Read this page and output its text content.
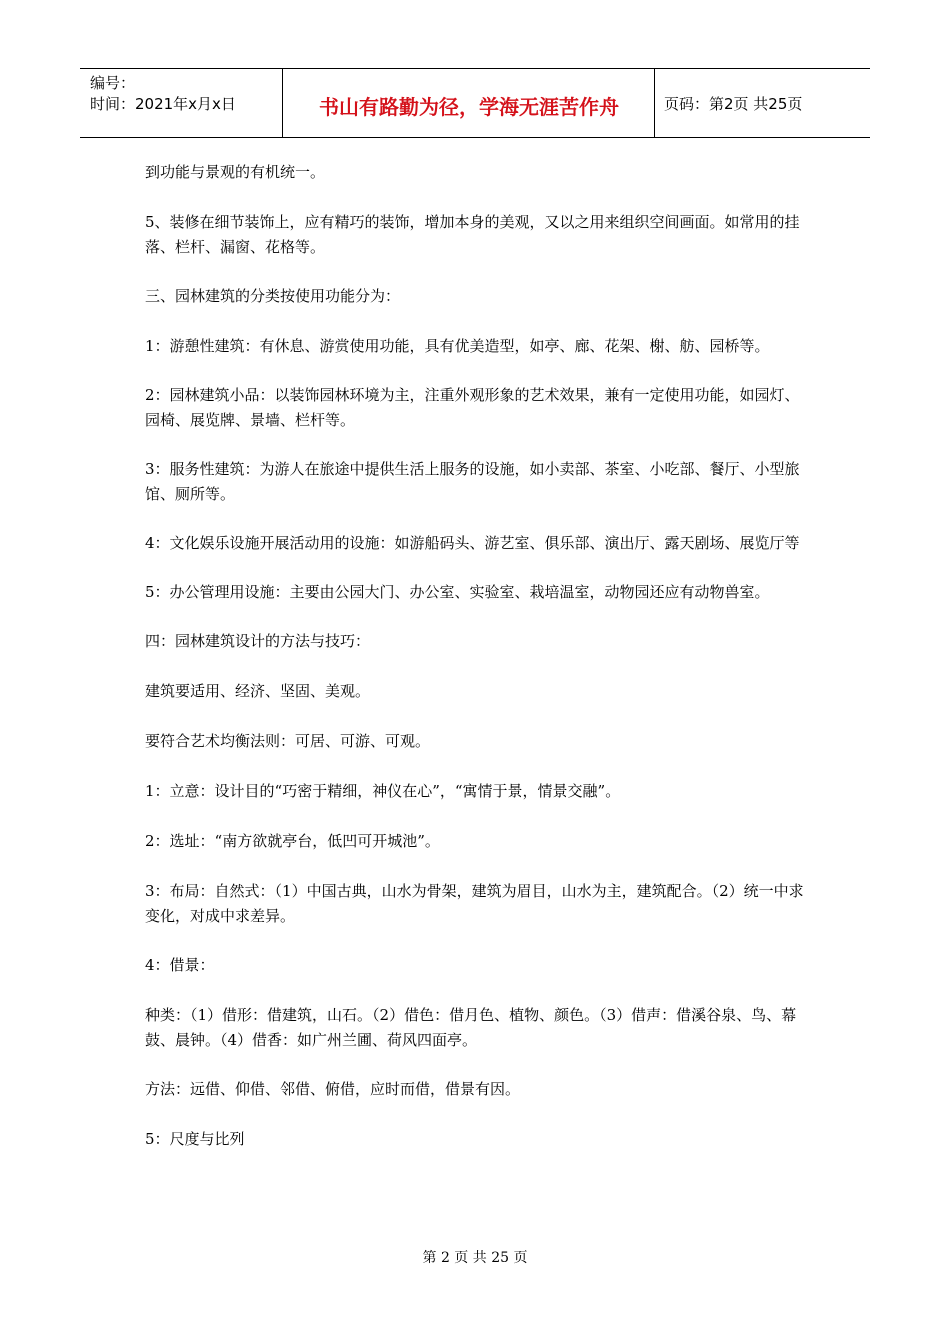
编号：
时间：2021年x月x日	书山有路勤为径，学海无涯苦作舟	页码：第2页 共25页

到功能与景观的有机统一。

5、装修在细节装饰上，应有精巧的装饰，增加本身的美观，又以之用来组织空间画面。如常用的挂落、栏杆、漏窗、花格等。

三、园林建筑的分类按使用功能分为：

1：游憩性建筑：有休息、游赏使用功能，具有优美造型，如亭、廊、花架、榭、舫、园桥等。

2：园林建筑小品：以装饰园林环境为主，注重外观形象的艺术效果，兼有一定使用功能，如园灯、园椅、展览牌、景墙、栏杆等。

3：服务性建筑：为游人在旅途中提供生活上服务的设施，如小卖部、茶室、小吃部、餐厅、小型旅馆、厕所等。

4：文化娱乐设施开展活动用的设施：如游船码头、游艺室、俱乐部、演出厅、露天剧场、展览厅等

5：办公管理用设施：主要由公园大门、办公室、实验室、栽培温室，动物园还应有动物兽室。

四：园林建筑设计的方法与技巧：

建筑要适用、经济、坚固、美观。

要符合艺术均衡法则：可居、可游、可观。

1：立意：设计目的“巧密于精细，神仪在心”，“寓情于景，情景交融”。

2：选址：“南方欲就亭台，低凹可开城池”。

3：布局：自然式：（1）中国古典，山水为骨架，建筑为眉目，山水为主，建筑配合。（2）统一中求变化，对成中求差异。

4：借景：

种类：（1）借形：借建筑，山石。（2）借色：借月色、植物、颜色。（3）借声：借溪谷泉、鸟、幕鼓、晨钟。（4）借香：如广州兰圃、荷风四面亭。

方法：远借、仰借、邻借、俯借，应时而借，借景有因。

5：尺度与比列

第 2 页 共 25 页
